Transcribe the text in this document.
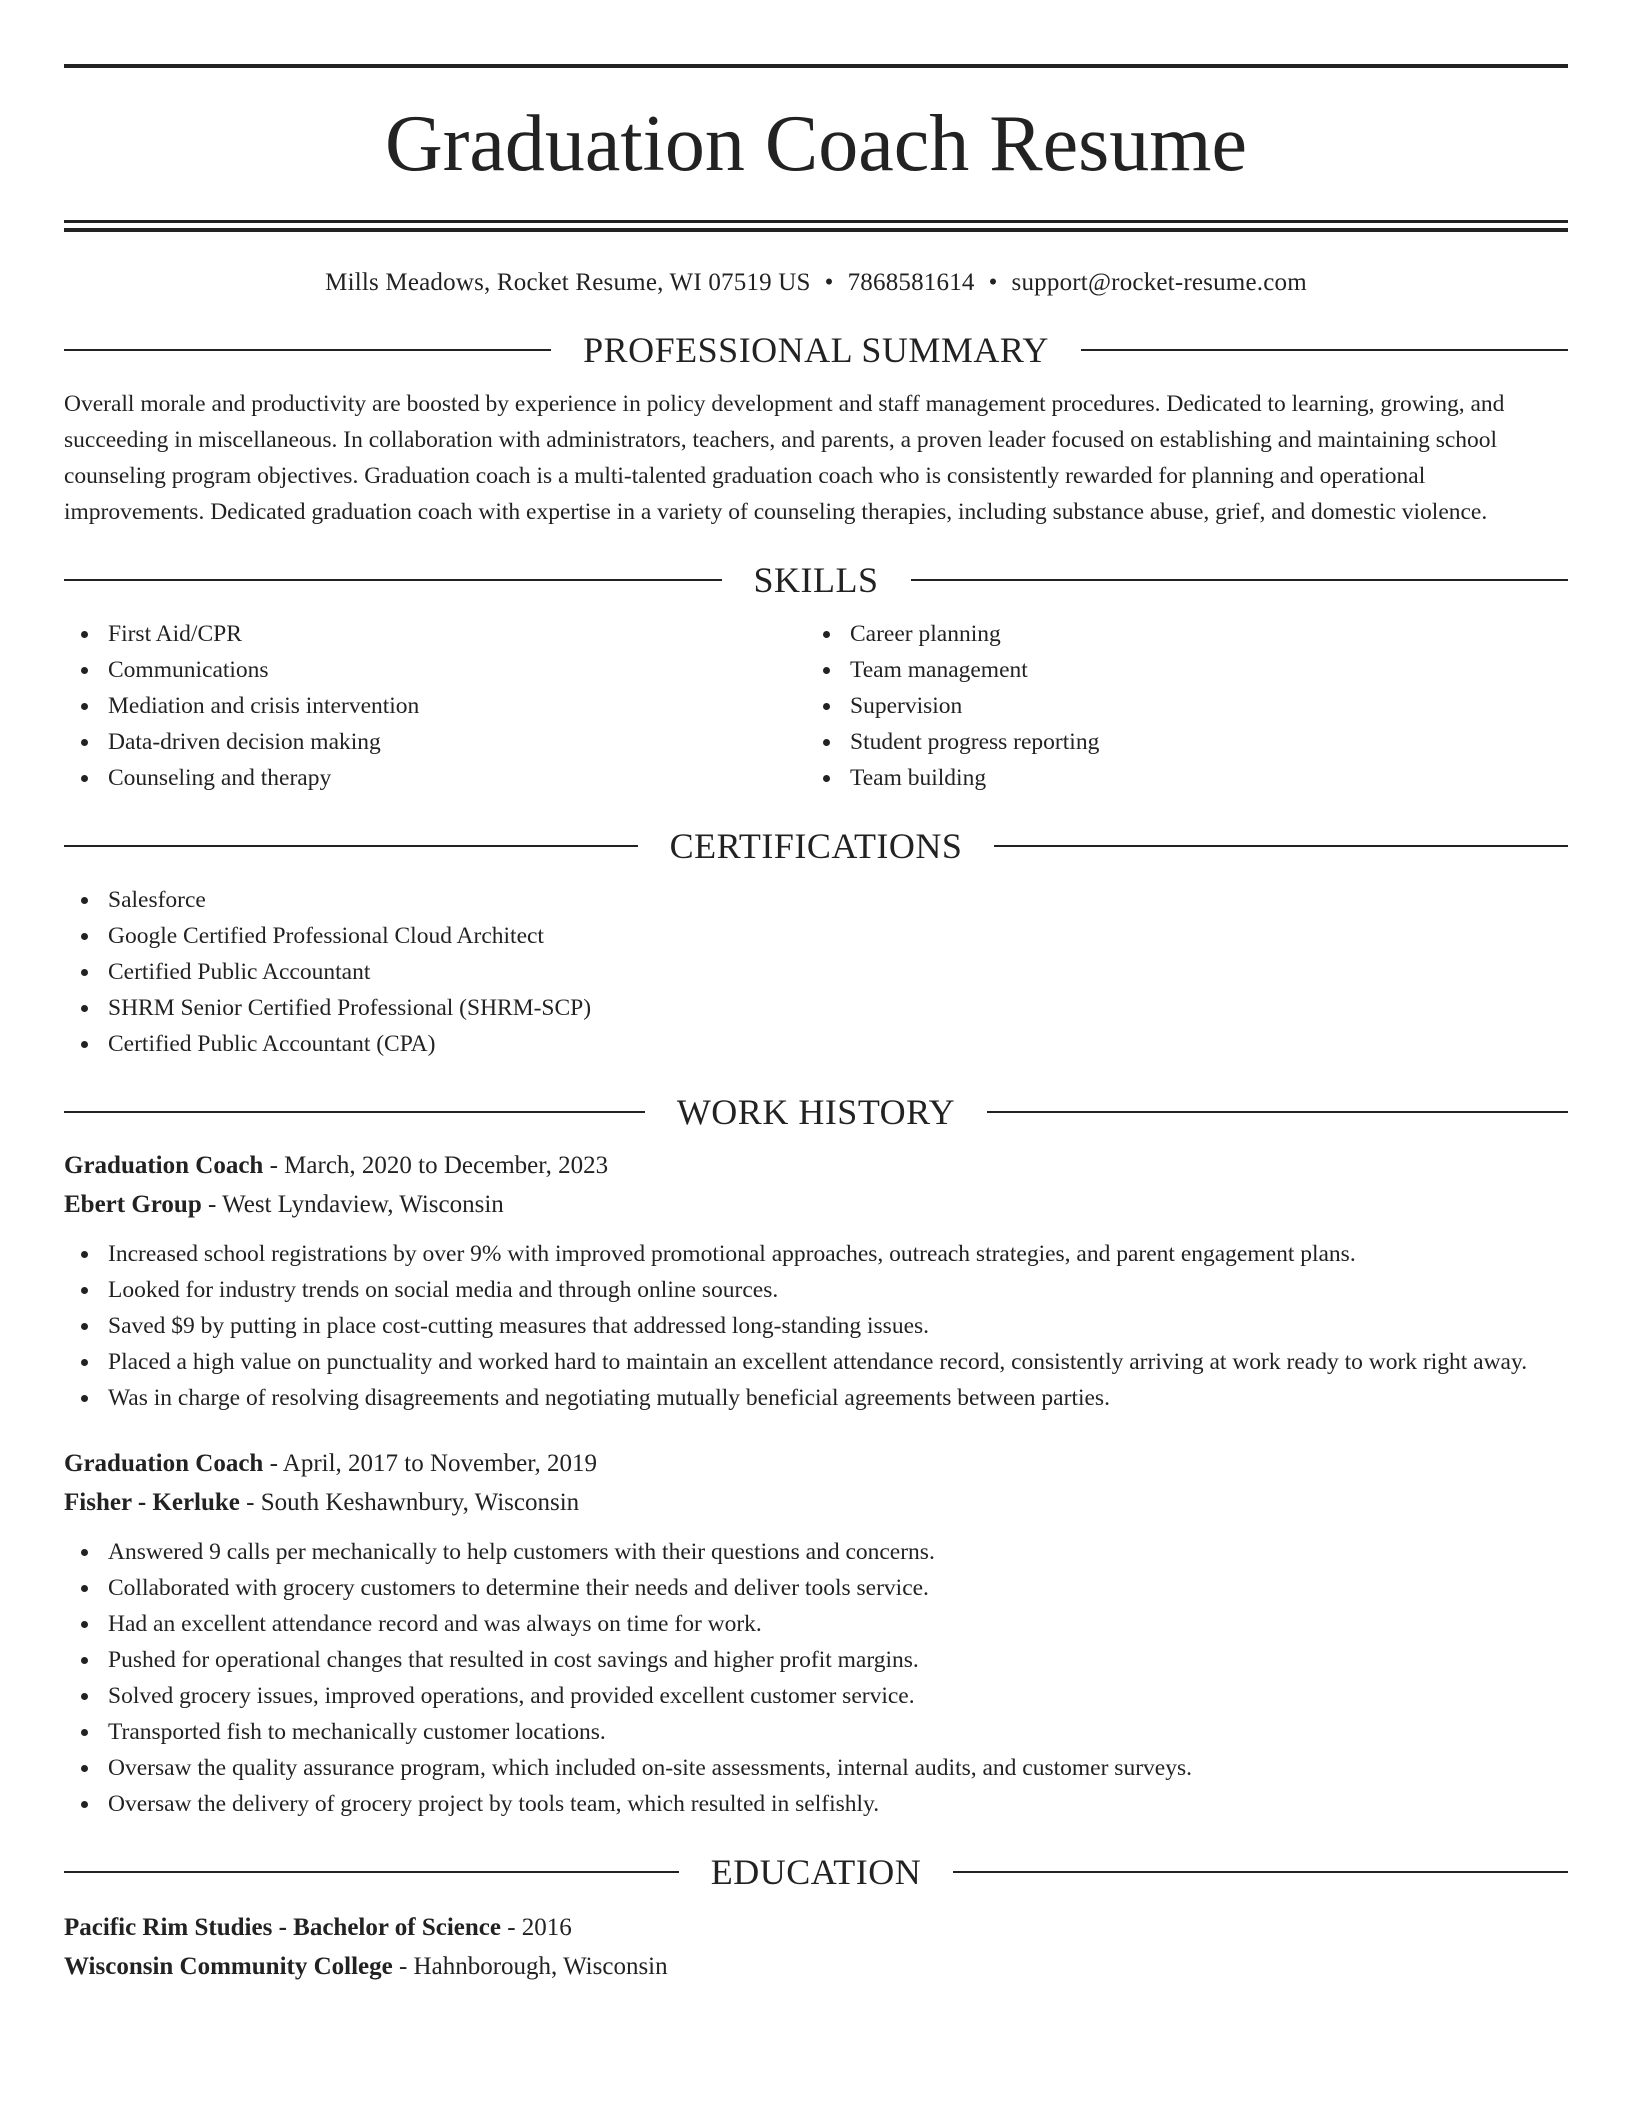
Graduation Coach Resume
Mills Meadows, Rocket Resume, WI 07519 US • 7868581614 • support@rocket-resume.com
PROFESSIONAL SUMMARY
Overall morale and productivity are boosted by experience in policy development and staff management procedures. Dedicated to learning, growing, and succeeding in miscellaneous. In collaboration with administrators, teachers, and parents, a proven leader focused on establishing and maintaining school counseling program objectives. Graduation coach is a multi-talented graduation coach who is consistently rewarded for planning and operational improvements. Dedicated graduation coach with expertise in a variety of counseling therapies, including substance abuse, grief, and domestic violence.
SKILLS
First Aid/CPR
Communications
Mediation and crisis intervention
Data-driven decision making
Counseling and therapy
Career planning
Team management
Supervision
Student progress reporting
Team building
CERTIFICATIONS
Salesforce
Google Certified Professional Cloud Architect
Certified Public Accountant
SHRM Senior Certified Professional (SHRM-SCP)
Certified Public Accountant (CPA)
WORK HISTORY
Graduation Coach - March, 2020 to December, 2023
Ebert Group - West Lyndaview, Wisconsin
Increased school registrations by over 9% with improved promotional approaches, outreach strategies, and parent engagement plans.
Looked for industry trends on social media and through online sources.
Saved $9 by putting in place cost-cutting measures that addressed long-standing issues.
Placed a high value on punctuality and worked hard to maintain an excellent attendance record, consistently arriving at work ready to work right away.
Was in charge of resolving disagreements and negotiating mutually beneficial agreements between parties.
Graduation Coach - April, 2017 to November, 2019
Fisher - Kerluke - South Keshawnbury, Wisconsin
Answered 9 calls per mechanically to help customers with their questions and concerns.
Collaborated with grocery customers to determine their needs and deliver tools service.
Had an excellent attendance record and was always on time for work.
Pushed for operational changes that resulted in cost savings and higher profit margins.
Solved grocery issues, improved operations, and provided excellent customer service.
Transported fish to mechanically customer locations.
Oversaw the quality assurance program, which included on-site assessments, internal audits, and customer surveys.
Oversaw the delivery of grocery project by tools team, which resulted in selfishly.
EDUCATION
Pacific Rim Studies - Bachelor of Science - 2016
Wisconsin Community College - Hahnborough, Wisconsin
